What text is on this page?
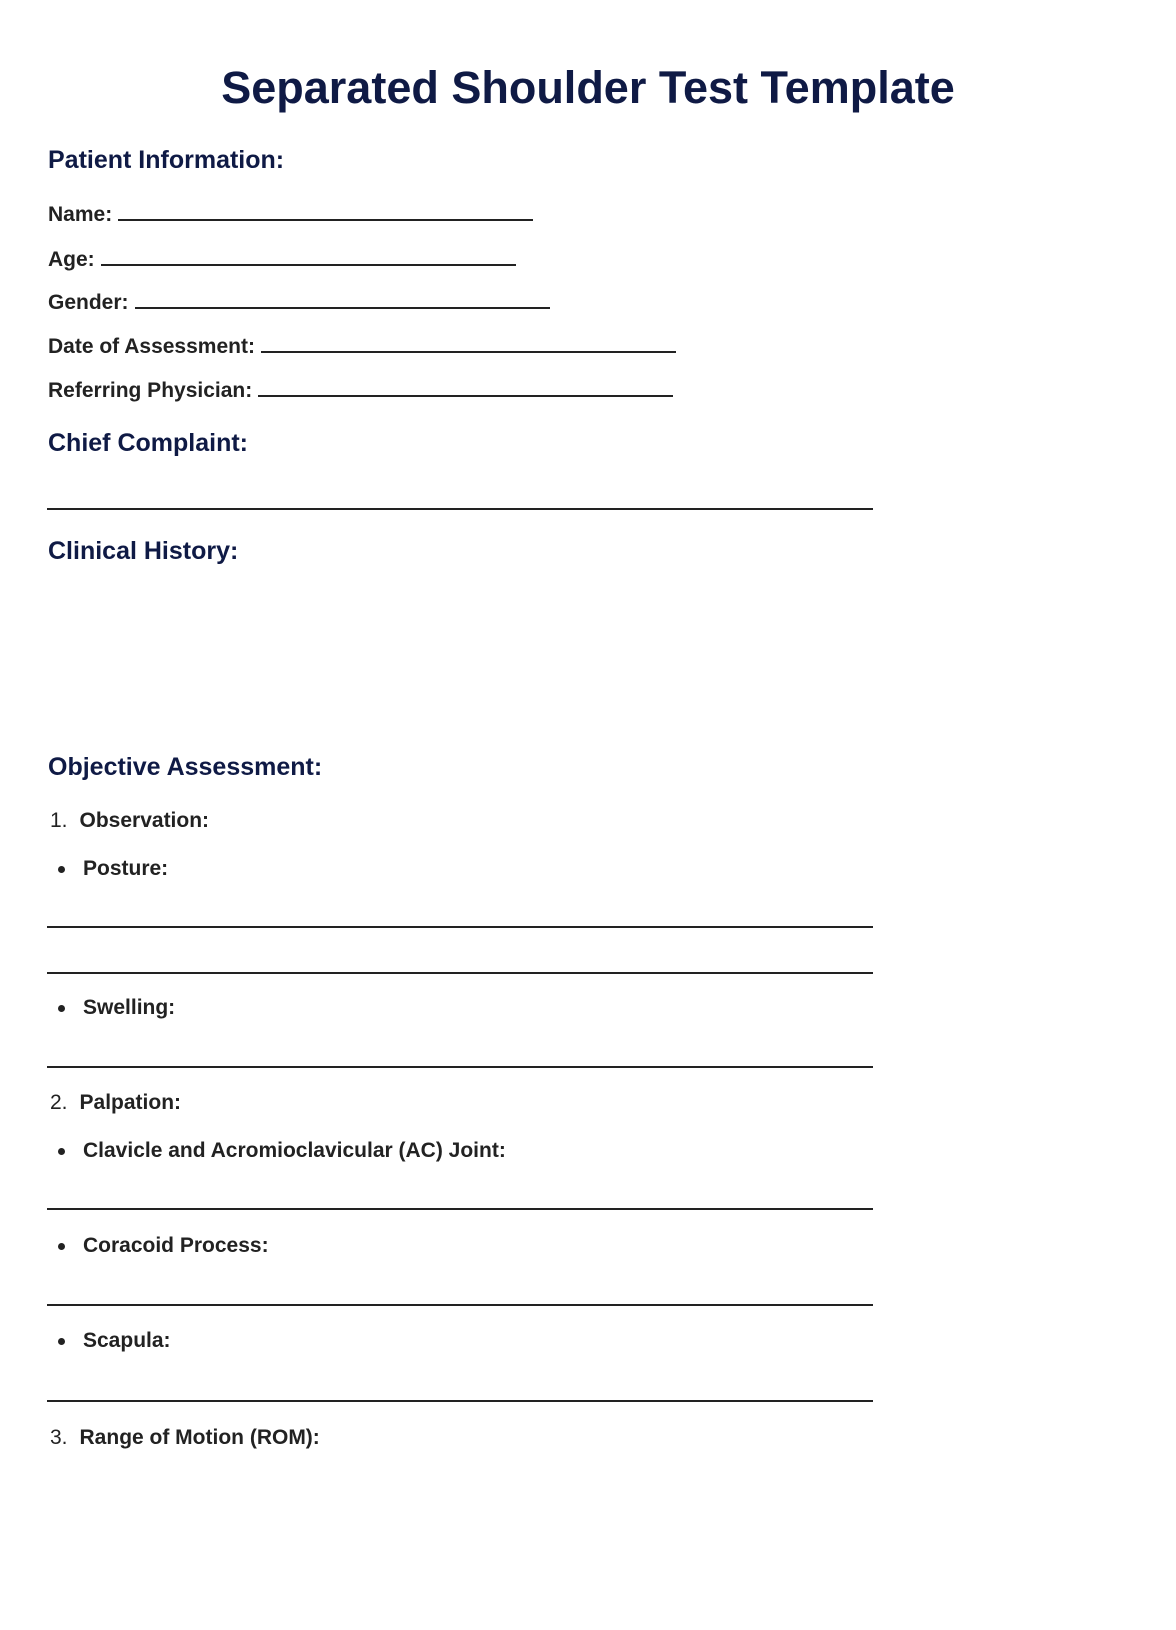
Separated Shoulder Test Template
Patient Information:
Name:
Age:
Gender:
Date of Assessment:
Referring Physician:
Chief Complaint:
Clinical History:
Objective Assessment:
1. Observation:
Posture:
Swelling:
2. Palpation:
Clavicle and Acromioclavicular (AC) Joint:
Coracoid Process:
Scapula:
3. Range of Motion (ROM):
